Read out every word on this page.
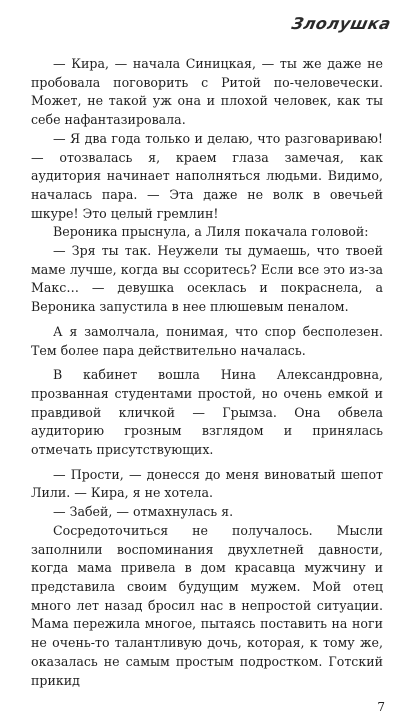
Злолушка

— Кира, — начала Синицкая, — ты же даже не пробовала поговорить с Ритой по-человечески. Может, не такой уж она и плохой человек, как ты себе нафантазировала.

— Я два года только и делаю, что разговариваю! — отозвалась я, краем глаза замечая, как аудитория начинает наполняться людьми. Видимо, началась пара. — Эта даже не волк в овечьей шкуре! Это целый гремлин!

Вероника прыснула, а Лиля покачала головой:

— Зря ты так. Неужели ты думаешь, что твоей маме лучше, когда вы ссоритесь? Если все это из-за Макс… — девушка осеклась и покраснела, а Вероника запустила в нее плюшевым пеналом.

А я замолчала, понимая, что спор бесполезен. Тем более пара действительно началась.

В кабинет вошла Нина Александровна, прозванная студентами простой, но очень емкой и правдивой кличкой — Грымза. Она обвела аудиторию грозным взглядом и принялась отмечать присутствующих.

— Прости, — донесся до меня виноватый шепот Лили. — Кира, я не хотела.

— Забей, — отмахнулась я.

Сосредоточиться не получалось. Мысли заполнили воспоминания двухлетней давности, когда мама привела в дом красавца мужчину и представила своим будущим мужем. Мой отец много лет назад бросил нас в непростой ситуации. Мама пережила многое, пытаясь поставить на ноги не очень-то талантливую дочь, которая, к тому же, оказалась не самым простым подростком. Готский прикид

7
